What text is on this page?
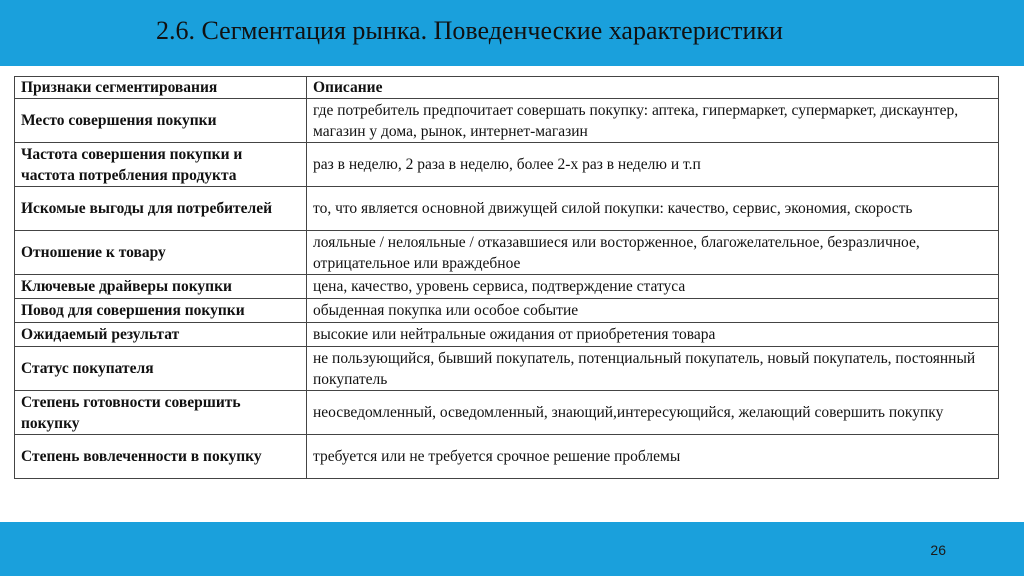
2.6. Сегментация рынка. Поведенческие характеристики
Признаки сегментирования	Описание
Место совершения покупки	где потребитель предпочитает совершать покупку: аптека, гипермаркет, супермаркет, дискаунтер, магазин у дома, рынок, интернет-магазин
Частота совершения покупки и частота потребления продукта	раз в неделю, 2 раза в неделю, более 2-х раз в неделю и т.п
Искомые выгоды для потребителей	то, что является основной движущей силой покупки: качество, сервис, экономия, скорость
Отношение к товару	лояльные / нелояльные / отказавшиеся или восторженное, благожелательное, безразличное, отрицательное или враждебное
Ключевые драйверы покупки	цена, качество, уровень сервиса, подтверждение статуса
Повод для совершения покупки	обыденная покупка или особое событие
Ожидаемый результат	высокие или нейтральные ожидания от приобретения товара
Статус покупателя	не пользующийся, бывший покупатель, потенциальный покупатель, новый покупатель, постоянный покупатель
Степень готовности совершить покупку	неосведомленный, осведомленный, знающий,интересующийся, желающий совершить покупку
Степень вовлеченности в покупку	требуется или не требуется срочное решение проблемы
26
